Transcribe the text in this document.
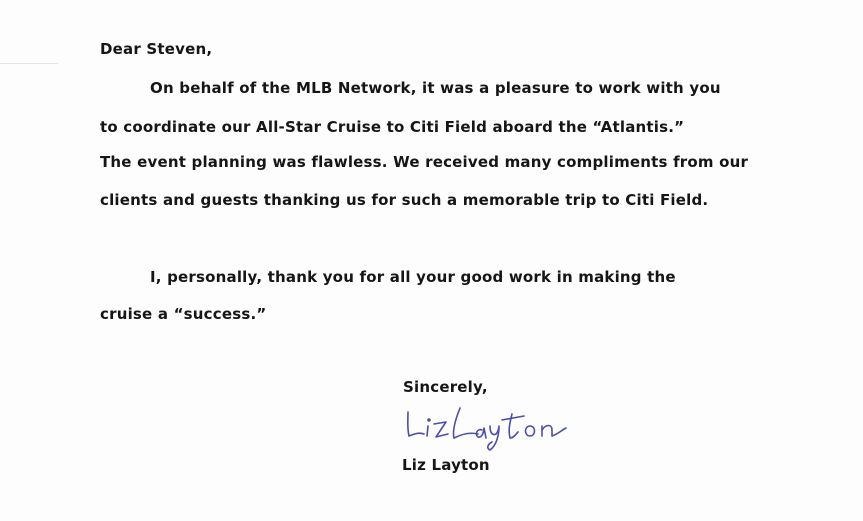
Dear Steven,
On behalf of the MLB Network, it was a pleasure to work with you
to coordinate our All-Star Cruise to Citi Field aboard the “Atlantis.”
The event planning was flawless. We received many compliments from our
clients and guests thanking us for such a memorable trip to Citi Field.
I, personally, thank you for all your good work in making the
cruise a “success.”
Sincerely,
Liz Layton
